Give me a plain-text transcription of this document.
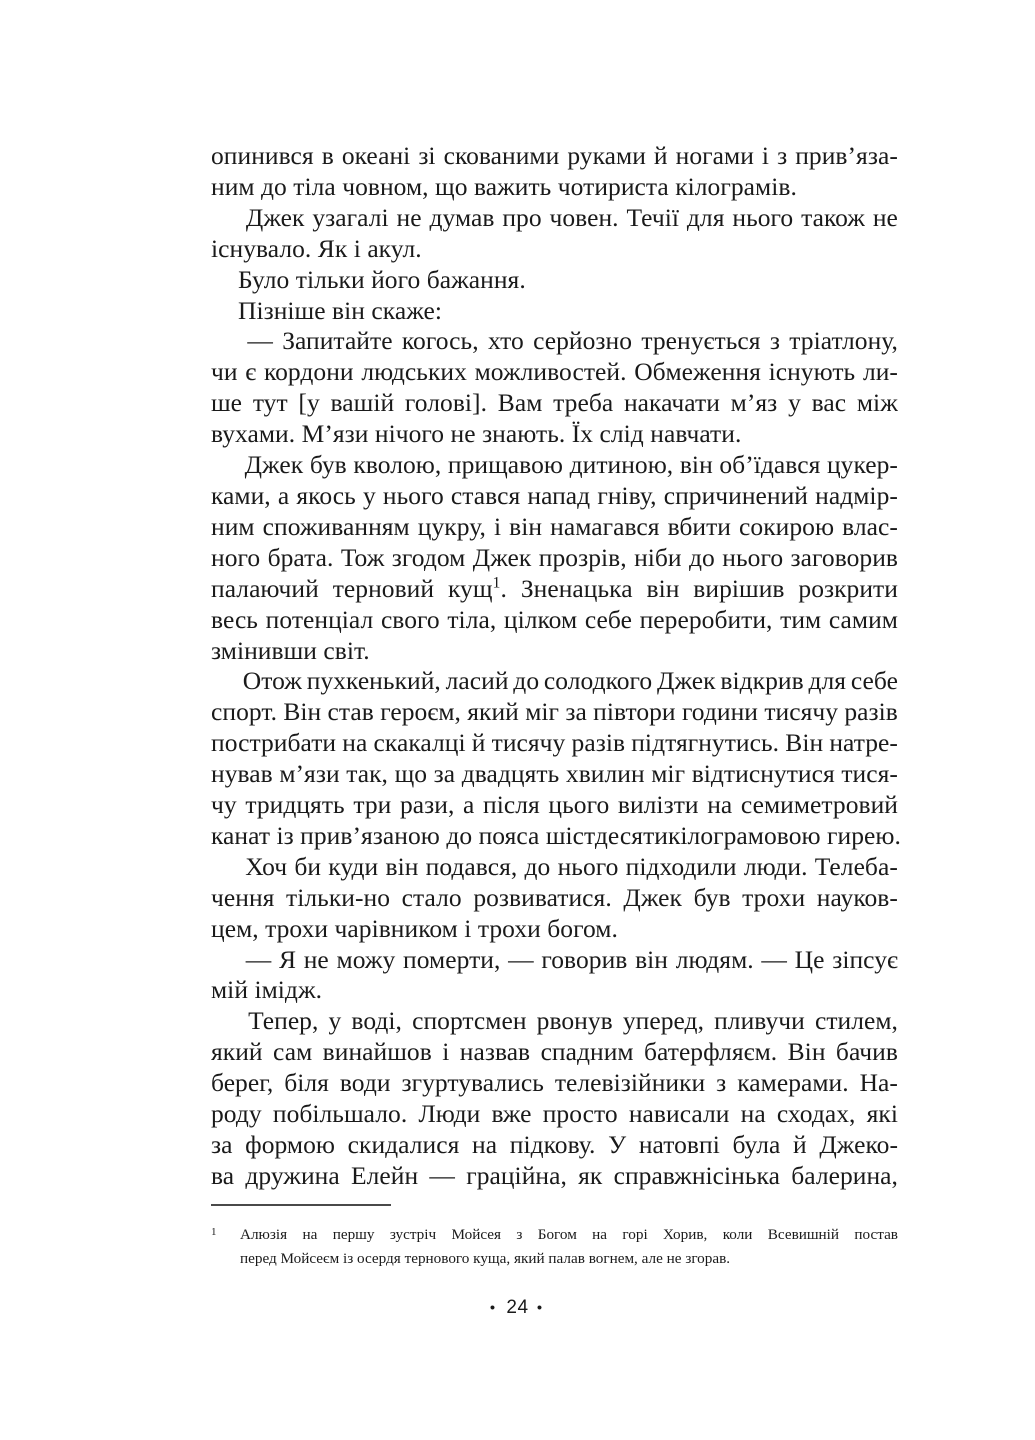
опинився в океані зі скованими руками й ногами і з прив’яза-
ним до тіла човном, що важить чотириста кілограмів.
Джек узагалі не думав про човен. Течії для нього також не
існувало. Як і акул.
Було тільки його бажання.
Пізніше він скаже:
— Запитайте когось, хто серйозно тренується з тріатлону,
чи є кордони людських можливостей. Обмеження існують ли-
ше тут [у вашій голові]. Вам треба накачати м’яз у вас між
вухами. М’язи нічого не знають. Їх слід навчати.
Джек був кволою, прищавою дитиною, він об’їдався цукер-
ками, а якось у нього стався напад гніву, спричинений надмір-
ним споживанням цукру, і він намагався вбити сокирою влас-
ного брата. Тож згодом Джек прозрів, ніби до нього заговорив
палаючий терновий кущ$^1$. Зненацька він вирішив розкрити
весь потенціал свого тіла, цілком себе переробити, тим самим
змінивши світ.
Отож пухкенький, ласий до солодкого Джек відкрив для себе
спорт. Він став героєм, який міг за півтори години тисячу разів
пострибати на скакалці й тисячу разів підтягнутись. Він натре-
нував м’язи так, що за двадцять хвилин міг відтиснутися тися-
чу тридцять три рази, а після цього вилізти на семиметровий
канат із прив’язаною до пояса шістдесятикілограмовою гирею.
Хоч би куди він подався, до нього підходили люди. Телеба-
чення тільки-но стало розвиватися. Джек був трохи науков-
цем, трохи чарівником і трохи богом.
— Я не можу померти, — говорив він людям. — Це зіпсує
мій імідж.
Тепер, у воді, спортсмен рвонув уперед, пливучи стилем,
який сам винайшов і назвав спадним батерфляєм. Він бачив
берег, біля води згуртувались телевізійники з камерами. На-
роду побільшало. Люди вже просто нависали на сходах, які
за формою скидалися на підкову. У натовпі була й Джеко-
ва дружина Елейн — граційна, як справжнісінька балерина,
1 Алюзія на першу зустріч Мойсея з Богом на горі Хорив, коли Всевишній постав
перед Мойсеєм із осердя тернового куща, який палав вогнем, але не згорав.
• 24 •
